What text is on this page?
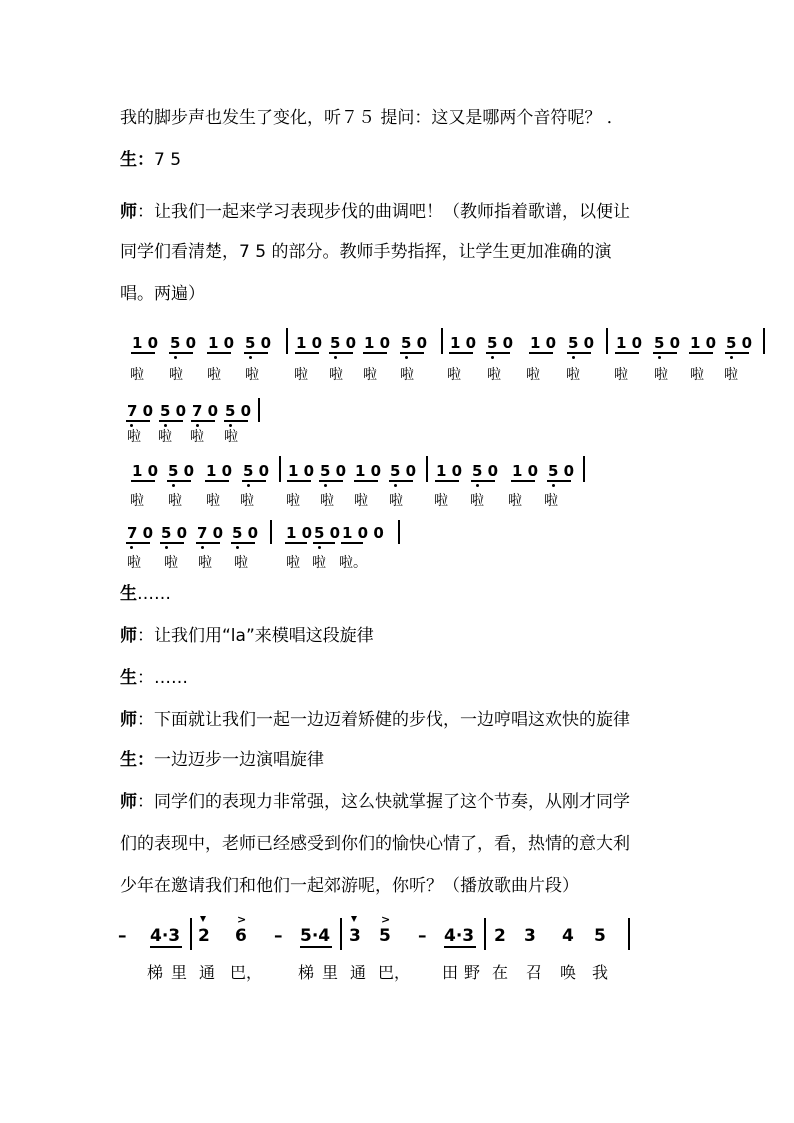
我的脚步声也发生了变化，听７５ 提问：这又是哪两个音符呢？ ．
生：7 5
师：让我们一起来学习表现步伐的曲调吧！（教师指着歌谱，以便让
同学们看清楚，7 5 的部分。教师手势指挥，让学生更加准确的演
唱。两遍）
1 0 5 0 1 0 5 0 1 0 5 0 1 0 5 0 1 0 5 0 1 0 5 0 1 0 5 0 1 0 5 0
啦 啦 啦 啦	啦 啦 啦 啦 啦 啦 啦 啦 啦 啦 啦 啦
7 0 5 0 7 0 5 0
啦 啦 啦 啦
1 0 5 0 1 0 5 0 1 0 5 0 1 0 5 0 1 0 5 0 1 0 5 0
啦 啦 啦 啦 啦 啦 啦 啦 啦 啦 啦 啦
7 0 5 0 7 0 5 0 1 0 5 0 1 0 0
啦 啦 啦 啦	啦 啦 啦。
生……
师：让我们用“la”来模唱这段旋律
生：……
师：下面就让我们一起一边迈着矫健的步伐，一边哼唱这欢快的旋律
生：一边迈步一边演唱旋律
师：同学们的表现力非常强，这么快就掌握了这个节奏，从刚才同学
们的表现中，老师已经感受到你们的愉快心情了，看，热情的意大利
少年在邀请我们和他们一起郊游呢，你听？（播放歌曲片段）
– 4·3 2
>
6 – 5·4 3
>
5 – 4·3 2 3 4 5
梯 里 通 巴， 梯 里 通 巴， 田 野 在 召 唤 我
